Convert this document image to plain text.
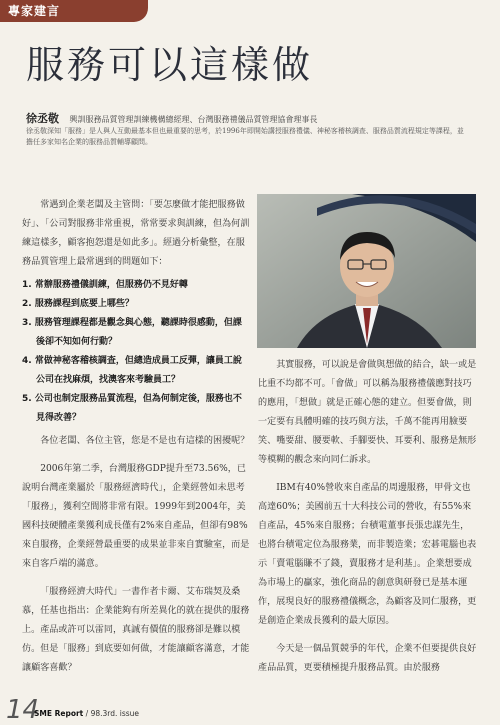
專家建言
服務可以這樣做
徐丞敬 興訓服務品質管理訓練機構總經理、台灣服務禮儀品質管理協會理事長
徐丞敬深知「服務」是人與人互動最基本但也最重要的思考，於1996年即開始講授服務禮儀、神秘客稽核調查、服務品質流程規定等課程，並擔任多家知名企業的服務品質輔導顧問。

常遇到企業老闆及主管問：「要怎麼做才能把服務做好」、「公司對服務非常重視，常常要求與訓練，但為何訓練這樣多，顧客抱怨還是如此多」。經過分析彙整，在服務品質管理上最常遇到的問題如下：

1. 常辦服務禮儀訓練，但服務仍不見好轉
2. 服務課程到底要上哪些？
3. 服務管理課程都是觀念與心態，聽課時很感動，但課後卻不知如何行動？
4. 常做神秘客稽核調查，但總造成員工反彈，讓員工說公司在找麻煩，找澳客來考驗員工？
5. 公司也制定服務品質流程，但為何制定後，服務也不見得改善？

各位老闆、各位主管，您是不是也有這樣的困擾呢？

2006年第二季，台灣服務GDP提升至73.56%，已說明台灣產業屬於「服務經濟時代」，企業經營如未思考「服務」，獲利空間將非常有限。1999年到2004年，美國科技硬體產業獲利成長僅有2%來自產品，但卻有98%來自服務，企業經營最重要的成果並非來自實驗室，而是來自客戶端的滿意。

「服務經濟大時代」一書作者卡爾、艾布瑞契及桑慕，任基也指出：企業能夠有所差異化的就在提供的服務上。產品或許可以雷同，真誠有價值的服務卻是難以模仿。但是「服務」到底要如何做，才能讓顧客滿意，才能讓顧客喜歡？

其實服務，可以說是會做與想做的結合，缺一或是比重不均都不可。「會做」可以稱為服務禮儀應對技巧的應用，「想做」就是正確心態的建立。但要會做，則一定要有具體明確的技巧與方法，千萬不能再用臉要笑、嘴要甜、腰要軟、手腳要快、耳要利、服務是無形等模糊的觀念來向同仁訴求。

IBM有40%營收來自產品的周邊服務，甲骨文也高達60%；美國前五十大科技公司的營收，有55%來自產品，45%來自服務；台積電董事長張忠謀先生，也將台積電定位為服務業，而非製造業；宏碁電腦也表示「賣電腦賺不了錢，賣服務才是利基」。企業想要成為市場上的贏家，強化商品的創意與研發已是基本運作，展現良好的服務禮儀概念，為顧客及同仁服務，更是創造企業成長獲利的最大原因。

今天是一個品質競爭的年代，企業不但要提供良好產品品質，更要積極提升服務品質。由於服務

14
SME Report / 98.3rd. issue
